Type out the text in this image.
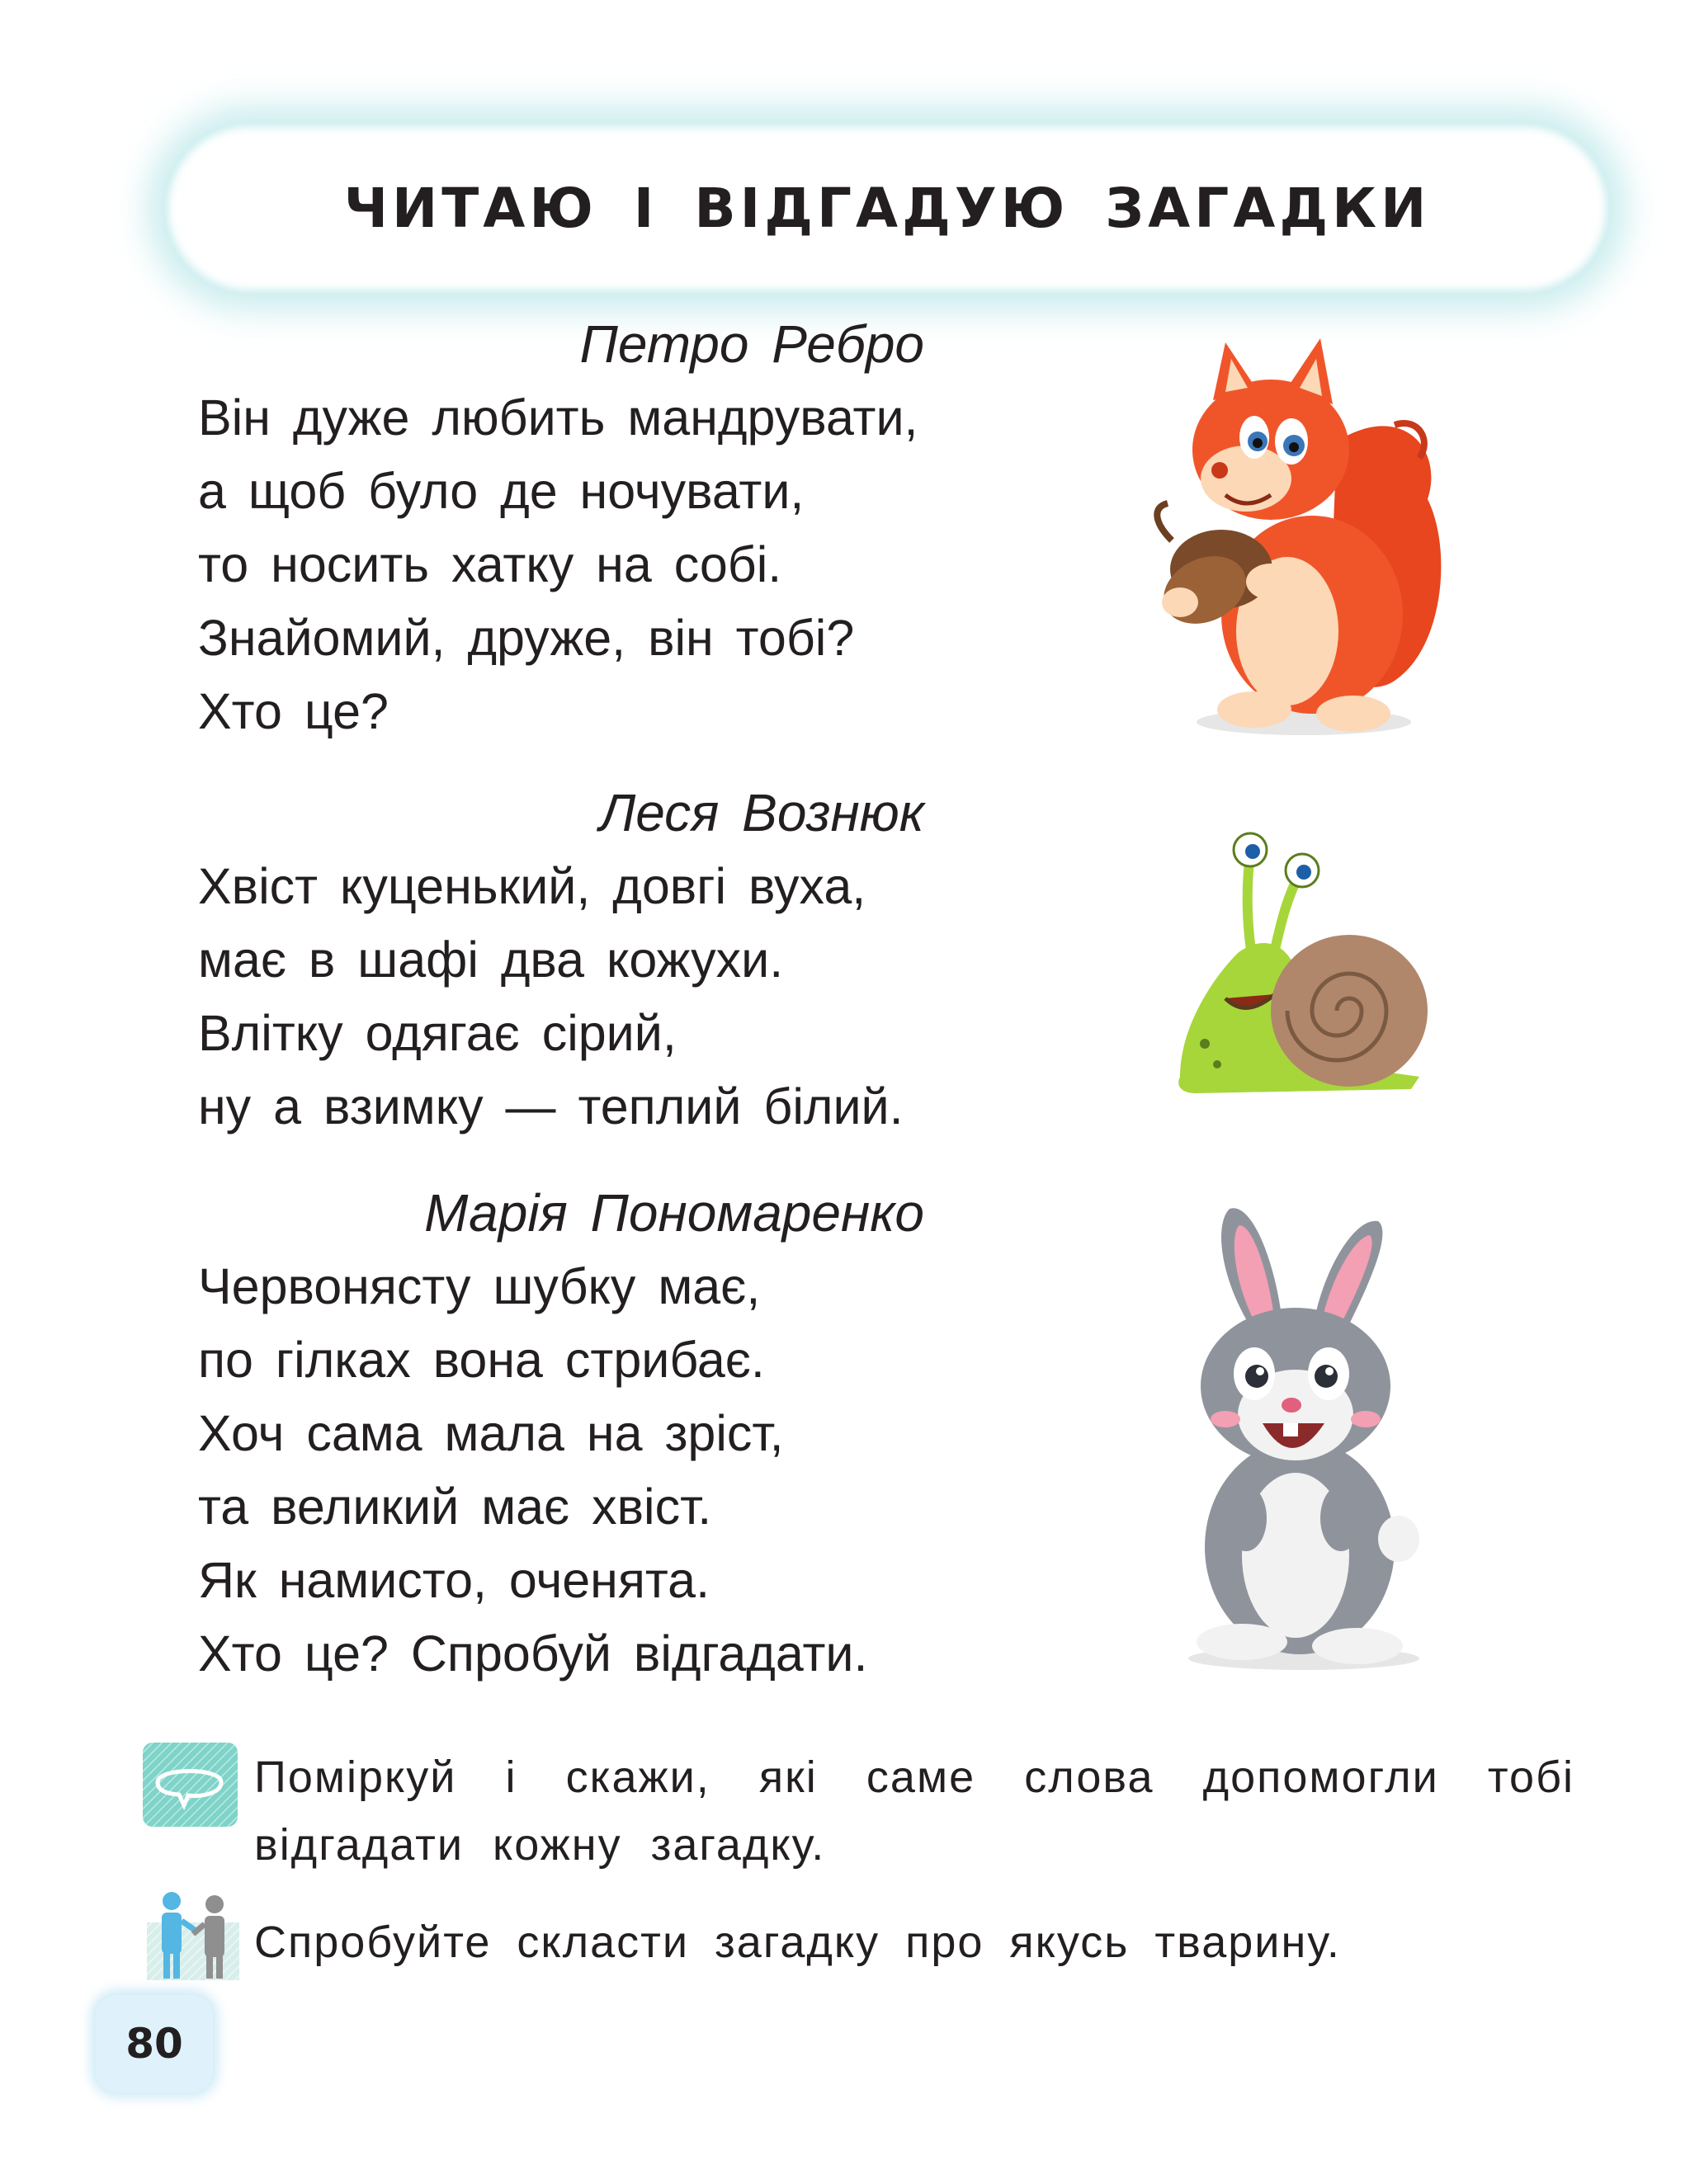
ЧИТАЮ І ВІДГАДУЮ ЗАГАДКИ
Петро Ребро
Він дуже любить мандрувати,
а щоб було де ночувати,
то носить хатку на собі.
Знайомий, друже, він тобі?
Хто це?
Леся Вознюк
Хвіст куценький, довгі вуха,
має в шафі два кожухи.
Влітку одягає сірий,
ну а взимку — теплий білий.
Марія Пономаренко
Червонясту шубку має,
по гілках вона стрибає.
Хоч сама мала на зріст,
та великий має хвіст.
Як намисто, оченята.
Хто це? Спробуй відгадати.
Поміркуй і скажи, які саме слова допомогли тобі відгадати кожну загадку.
Спробуйте скласти загадку про якусь тварину.
80
